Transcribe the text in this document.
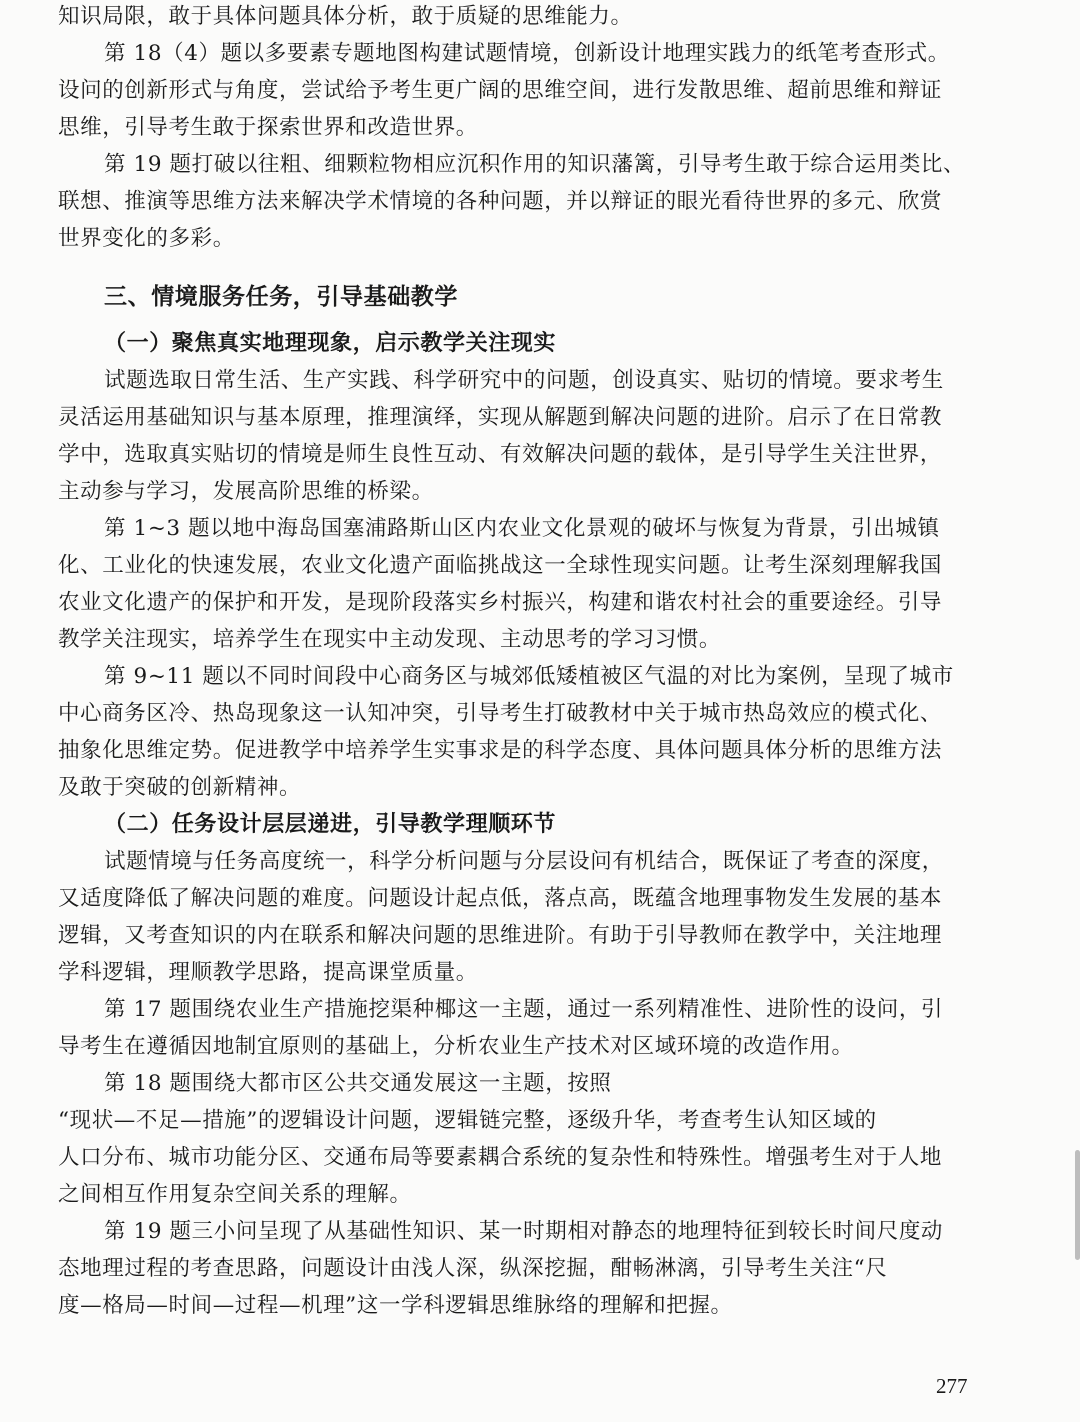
知识局限，敢于具体问题具体分析，敢于质疑的思维能力。

第 18（4）题以多要素专题地图构建试题情境，创新设计地理实践力的纸笔考查形式。
设问的创新形式与角度，尝试给予考生更广阔的思维空间，进行发散思维、超前思维和辩证
思维，引导考生敢于探索世界和改造世界。

第 19 题打破以往粗、细颗粒物相应沉积作用的知识藩篱，引导考生敢于综合运用类比、
联想、推演等思维方法来解决学术情境的各种问题，并以辩证的眼光看待世界的多元、欣赏
世界变化的多彩。

三、情境服务任务，引导基础教学
（一）聚焦真实地理现象，启示教学关注现实

试题选取日常生活、生产实践、科学研究中的问题，创设真实、贴切的情境。要求考生
灵活运用基础知识与基本原理，推理演绎，实现从解题到解决问题的进阶。启示了在日常教
学中，选取真实贴切的情境是师生良性互动、有效解决问题的载体，是引导学生关注世界，
主动参与学习，发展高阶思维的桥梁。

第 1~3 题以地中海岛国塞浦路斯山区内农业文化景观的破坏与恢复为背景，引出城镇
化、工业化的快速发展，农业文化遗产面临挑战这一全球性现实问题。让考生深刻理解我国
农业文化遗产的保护和开发，是现阶段落实乡村振兴，构建和谐农村社会的重要途经。引导
教学关注现实，培养学生在现实中主动发现、主动思考的学习习惯。

第 9~11 题以不同时间段中心商务区与城郊低矮植被区气温的对比为案例，呈现了城市
中心商务区冷、热岛现象这一认知冲突，引导考生打破教材中关于城市热岛效应的模式化、
抽象化思维定势。促进教学中培养学生实事求是的科学态度、具体问题具体分析的思维方法
及敢于突破的创新精神。

（二）任务设计层层递进，引导教学理顺环节

试题情境与任务高度统一，科学分析问题与分层设问有机结合，既保证了考查的深度，
又适度降低了解决问题的难度。问题设计起点低，落点高，既蕴含地理事物发生发展的基本
逻辑，又考查知识的内在联系和解决问题的思维进阶。有助于引导教师在教学中，关注地理
学科逻辑，理顺教学思路，提高课堂质量。

第 17 题围绕农业生产措施挖渠种椰这一主题，通过一系列精准性、进阶性的设问，引
导考生在遵循因地制宜原则的基础上，分析农业生产技术对区域环境的改造作用。

第 18 题围绕大都市区公共交通发展这一主题，按照
“现状—不足—措施”的逻辑设计问题，逻辑链完整，逐级升华，考查考生认知区域的
人口分布、城市功能分区、交通布局等要素耦合系统的复杂性和特殊性。增强考生对于人地
之间相互作用复杂空间关系的理解。

第 19 题三小问呈现了从基础性知识、某一时期相对静态的地理特征到较长时间尺度动
态地理过程的考查思路，问题设计由浅人深，纵深挖掘，酣畅淋漓，引导考生关注“尺
度—格局—时间—过程—机理”这一学科逻辑思维脉络的理解和把握。

277
